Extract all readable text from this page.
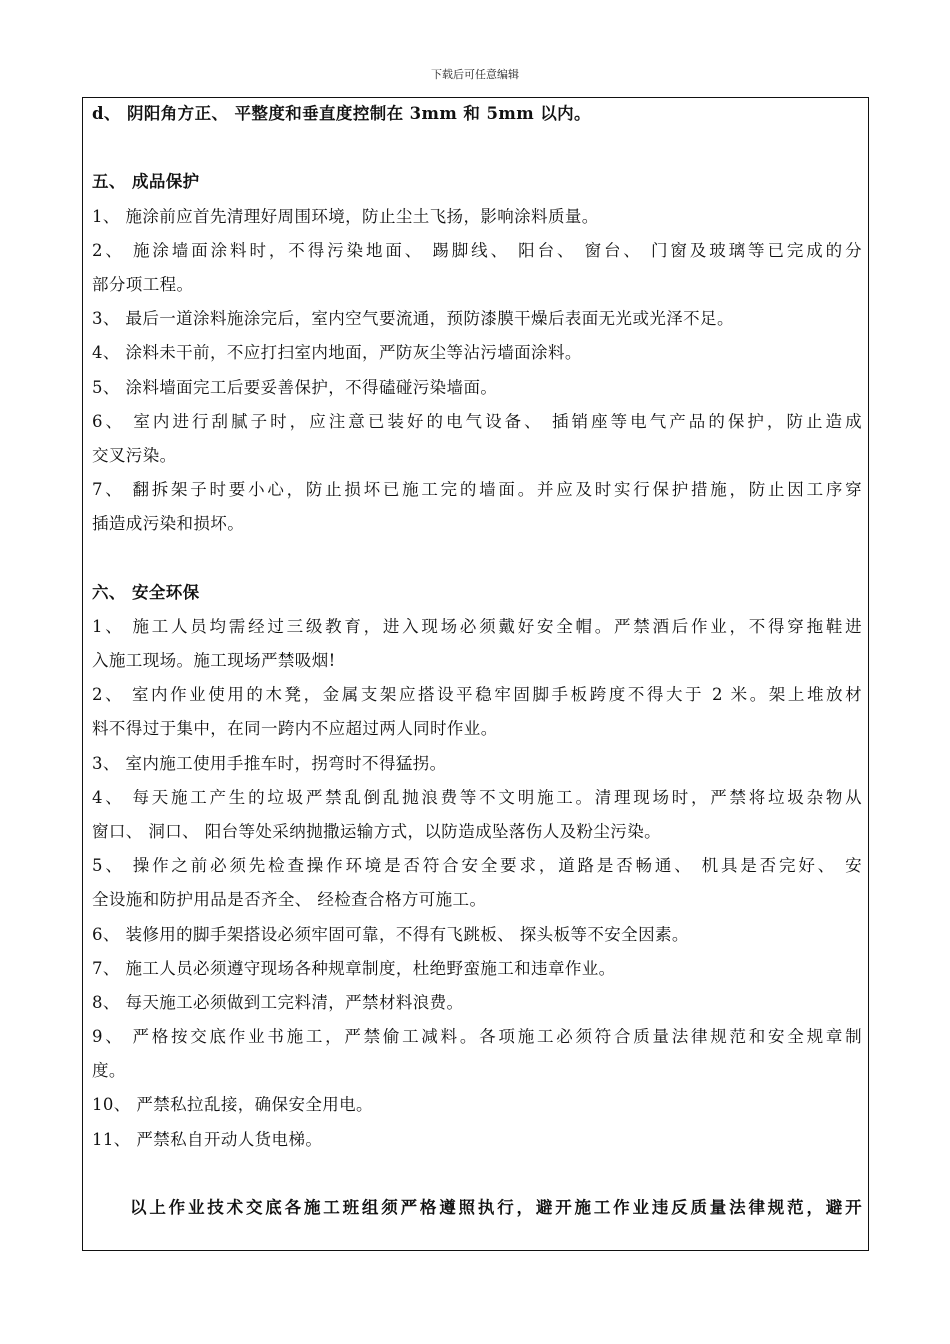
下载后可任意编辑
d、 阴阳角方正、 平整度和垂直度控制在 3mm 和 5mm 以内。
五、 成品保护
1、 施涂前应首先清理好周围环境，防止尘土飞扬，影响涂料质量。
2、 施涂墙面涂料时，不得污染地面、 踢脚线、 阳台、 窗台、 门窗及玻璃等已完成的分
部分项工程。
3、 最后一道涂料施涂完后，室内空气要流通，预防漆膜干燥后表面无光或光泽不足。
4、 涂料未干前，不应打扫室内地面，严防灰尘等沾污墙面涂料。
5、 涂料墙面完工后要妥善保护，不得磕碰污染墙面。
6、 室内进行刮腻子时，应注意已装好的电气设备、 插销座等电气产品的保护，防止造成
交叉污染。
7、 翻拆架子时要小心，防止损坏已施工完的墙面。并应及时实行保护措施，防止因工序穿
插造成污染和损坏。
六、 安全环保
1、 施工人员均需经过三级教育，进入现场必须戴好安全帽。严禁酒后作业，不得穿拖鞋进
入施工现场。施工现场严禁吸烟!
2、 室内作业使用的木凳，金属支架应搭设平稳牢固脚手板跨度不得大于 2 米。架上堆放材
料不得过于集中，在同一跨内不应超过两人同时作业。
3、 室内施工使用手推车时，拐弯时不得猛拐。
4、 每天施工产生的垃圾严禁乱倒乱抛浪费等不文明施工。清理现场时，严禁将垃圾杂物从
窗口、 洞口、 阳台等处采纳抛撒运输方式，以防造成坠落伤人及粉尘污染。
5、 操作之前必须先检查操作环境是否符合安全要求，道路是否畅通、 机具是否完好、 安
全设施和防护用品是否齐全、 经检查合格方可施工。
6、 装修用的脚手架搭设必须牢固可靠，不得有飞跳板、 探头板等不安全因素。
7、 施工人员必须遵守现场各种规章制度，杜绝野蛮施工和违章作业。
8、 每天施工必须做到工完料清，严禁材料浪费。
9、 严格按交底作业书施工，严禁偷工减料。各项施工必须符合质量法律规范和安全规章制
度。
10、 严禁私拉乱接，确保安全用电。
11、 严禁私自开动人货电梯。
以上作业技术交底各施工班组须严格遵照执行，避开施工作业违反质量法律规范，避开
